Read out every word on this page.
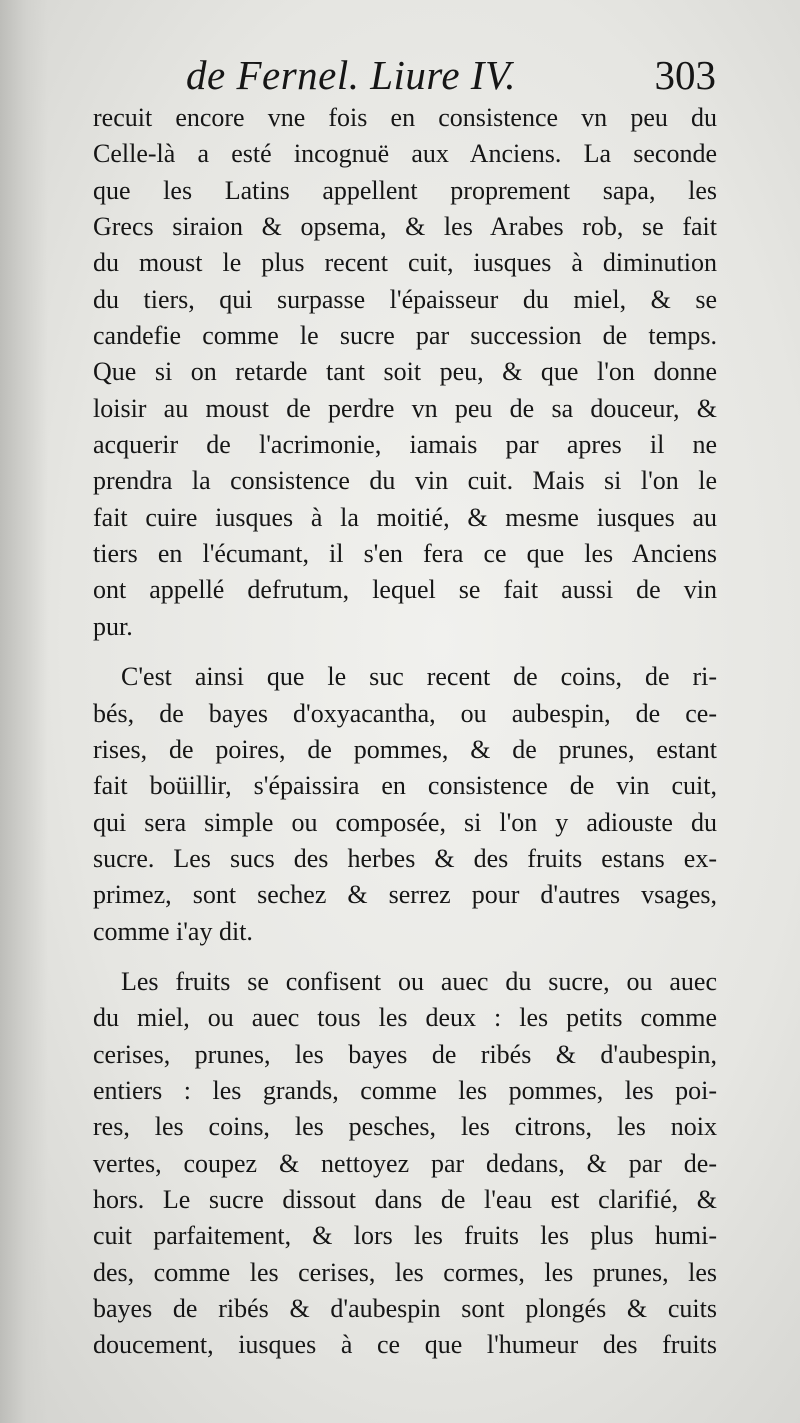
de Fernel. Liure IV.	303
recuit encore vne fois en consistence vn peu du
Celle-là a esté incognuë aux Anciens. La seconde
que les Latins appellent proprement sapa, les
Grecs siraion & opsema, & les Arabes rob, se fait
du moust le plus recent cuit, iusques à diminution
du tiers, qui surpasse l'épaisseur du miel, & se
candefie comme le sucre par succession de temps.
Que si on retarde tant soit peu, & que l'on donne
loisir au moust de perdre vn peu de sa douceur, &
acquerir de l'acrimonie, iamais par apres il ne
prendra la consistence du vin cuit. Mais si l'on le
fait cuire iusques à la moitié, & mesme iusques au
tiers en l'écumant, il s'en fera ce que les Anciens
ont appellé defrutum, lequel se fait aussi de vin
pur.
C'est ainsi que le suc recent de coins, de ri-
bés, de bayes d'oxyacantha, ou aubespin, de ce-
rises, de poires, de pommes, & de prunes, estant
fait boüillir, s'épaissira en consistence de vin cuit,
qui sera simple ou composée, si l'on y adiouste du
sucre. Les sucs des herbes & des fruits estans ex-
primez, sont sechez & serrez pour d'autres vsages,
comme i'ay dit.
Les fruits se confisent ou auec du sucre, ou auec
du miel, ou auec tous les deux : les petits comme
cerises, prunes, les bayes de ribés & d'aubespin,
entiers : les grands, comme les pommes, les poi-
res, les coins, les pesches, les citrons, les noix
vertes, coupez & nettoyez par dedans, & par de-
hors. Le sucre dissout dans de l'eau est clarifié, &
cuit parfaitement, & lors les fruits les plus humi-
des, comme les cerises, les cormes, les prunes, les
bayes de ribés & d'aubespin sont plongés & cuits
doucement, iusques à ce que l'humeur des fruits
